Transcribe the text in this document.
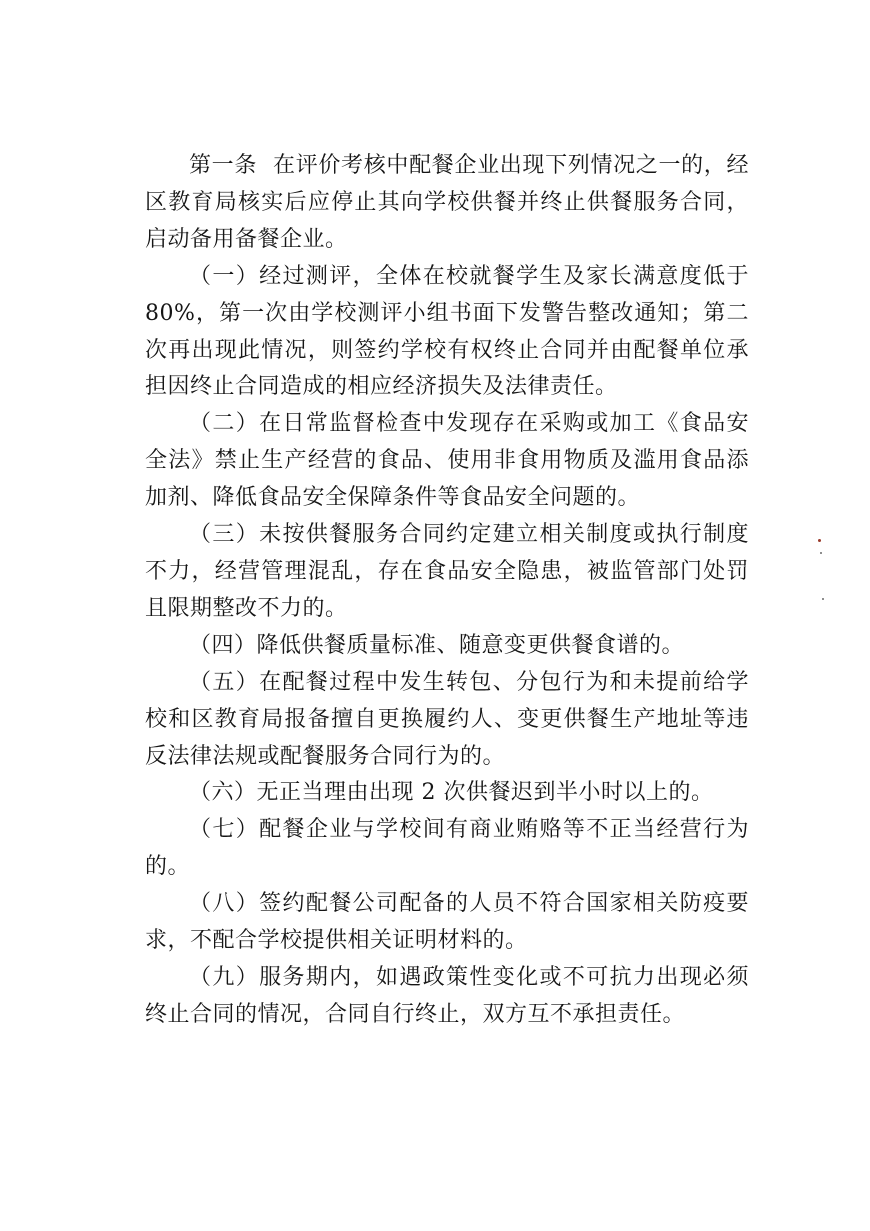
第一条 在评价考核中配餐企业出现下列情况之一的，经区教育局核实后应停止其向学校供餐并终止供餐服务合同，启动备用备餐企业。

（一）经过测评，全体在校就餐学生及家长满意度低于 80%，第一次由学校测评小组书面下发警告整改通知；第二次再出现此情况，则签约学校有权终止合同并由配餐单位承担因终止合同造成的相应经济损失及法律责任。

（二）在日常监督检查中发现存在采购或加工《食品安全法》禁止生产经营的食品、使用非食用物质及滥用食品添加剂、降低食品安全保障条件等食品安全问题的。

（三）未按供餐服务合同约定建立相关制度或执行制度不力，经营管理混乱，存在食品安全隐患，被监管部门处罚且限期整改不力的。

（四）降低供餐质量标准、随意变更供餐食谱的。

（五）在配餐过程中发生转包、分包行为和未提前给学校和区教育局报备擅自更换履约人、变更供餐生产地址等违反法律法规或配餐服务合同行为的。

（六）无正当理由出现 2 次供餐迟到半小时以上的。

（七）配餐企业与学校间有商业贿赂等不正当经营行为的。

（八）签约配餐公司配备的人员不符合国家相关防疫要求，不配合学校提供相关证明材料的。

（九）服务期内，如遇政策性变化或不可抗力出现必须终止合同的情况，合同自行终止，双方互不承担责任。
